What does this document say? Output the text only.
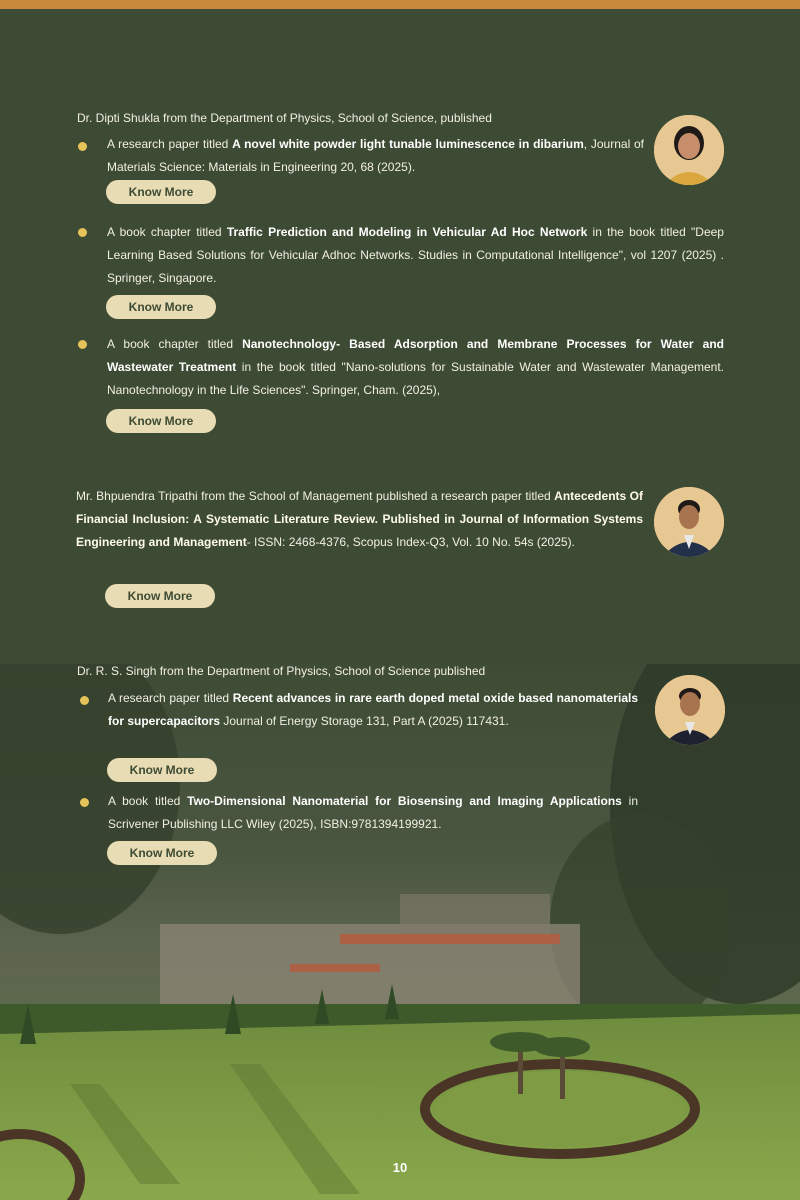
Dr. Dipti Shukla from the Department of Physics, School of Science, published
A research paper titled A novel white powder light tunable luminescence in dibarium, Journal of Materials Science: Materials in Engineering 20, 68 (2025).
Know More
A book chapter titled Traffic Prediction and Modeling in Vehicular Ad Hoc Network in the book titled "Deep Learning Based Solutions for Vehicular Adhoc Networks. Studies in Computational Intelligence", vol 1207 (2025) . Springer, Singapore.
Know More
A book chapter titled Nanotechnology- Based Adsorption and Membrane Processes for Water and Wastewater Treatment in the book titled "Nano-solutions for Sustainable Water and Wastewater Management. Nanotechnology in the Life Sciences". Springer, Cham. (2025),
Know More
Mr. Bhpuendra Tripathi from the School of Management published a research paper titled Antecedents Of Financial Inclusion: A Systematic Literature Review. Published in Journal of Information Systems Engineering and Management- ISSN: 2468-4376, Scopus Index-Q3, Vol. 10 No. 54s (2025).
Know More
Dr. R. S. Singh from the Department of Physics, School of Science published
A research paper titled Recent advances in rare earth doped metal oxide based nanomaterials for supercapacitors Journal of Energy Storage 131, Part A (2025) 117431.
Know More
A book titled Two-Dimensional Nanomaterial for Biosensing and Imaging Applications in Scrivener Publishing LLC Wiley (2025), ISBN:9781394199921.
Know More
10
